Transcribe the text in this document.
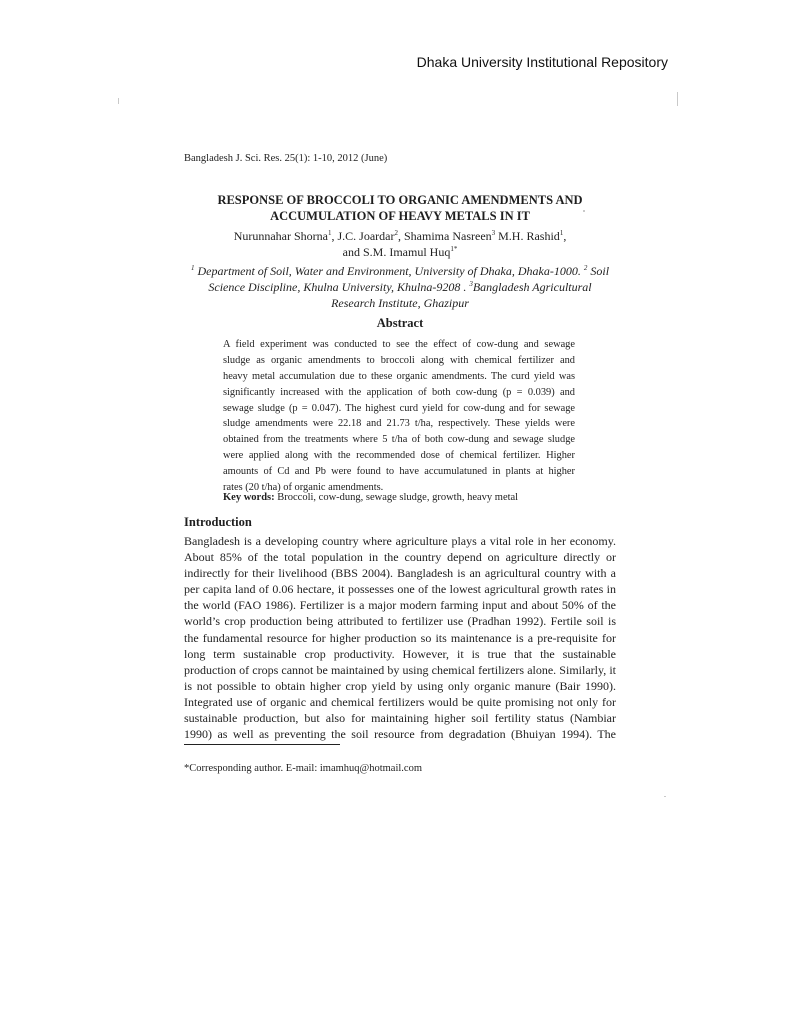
Dhaka University Institutional Repository
Bangladesh J. Sci. Res. 25(1): 1-10, 2012 (June)
RESPONSE OF BROCCOLI TO ORGANIC AMENDMENTS AND
ACCUMULATION OF HEAVY METALS IN IT
Nurunnahar Shorna$^1$, J.C. Joardar$^2$, Shamima Nasreen$^3$ M.H. Rashid$^1$,
and S.M. Imamul Huq$^{1*}$
$^1$ Department of Soil, Water and Environment, University of Dhaka, Dhaka-1000. $^2$ Soil
Science Discipline, Khulna University, Khulna-9208 . $^3$Bangladesh Agricultural
Research Institute, Ghazipur
Abstract
A field experiment was conducted to see the effect of cow-dung and sewage
sludge as organic amendments to broccoli along with chemical fertilizer and
heavy metal accumulation due to these organic amendments. The curd yield was
significantly increased with the application of both cow-dung (p = 0.039) and
sewage sludge (p = 0.047). The highest curd yield for cow-dung and for sewage
sludge amendments were 22.18 and 21.73 t/ha, respectively. These yields were
obtained from the treatments where 5 t/ha of both cow-dung and sewage sludge
were applied along with the recommended dose of chemical fertilizer. Higher
amounts of Cd and Pb were found to have accumulatuned in plants at higher
rates (20 t/ha) of organic amendments.
Key words: Broccoli, cow-dung, sewage sludge, growth, heavy metal
Introduction
Bangladesh is a developing country where agriculture plays a vital role in her economy.
About 85% of the total population in the country depend on agriculture directly or
indirectly for their livelihood (BBS 2004). Bangladesh is an agricultural country with a
per capita land of 0.06 hectare, it possesses one of the lowest agricultural growth rates in
the world (FAO 1986). Fertilizer is a major modern farming input and about 50% of the
world’s crop production being attributed to fertilizer use (Pradhan 1992). Fertile soil is
the fundamental resource for higher production so its maintenance is a pre-requisite for
long term sustainable crop productivity. However, it is true that the sustainable
production of crops cannot be maintained by using chemical fertilizers alone. Similarly, it
is not possible to obtain higher crop yield by using only organic manure (Bair 1990).
Integrated use of organic and chemical fertilizers would be quite promising not only for
sustainable production, but also for maintaining higher soil fertility status (Nambiar
1990) as well as preventing the soil resource from degradation (Bhuiyan 1994). The
*Corresponding author. E-mail: imamhuq@hotmail.com
